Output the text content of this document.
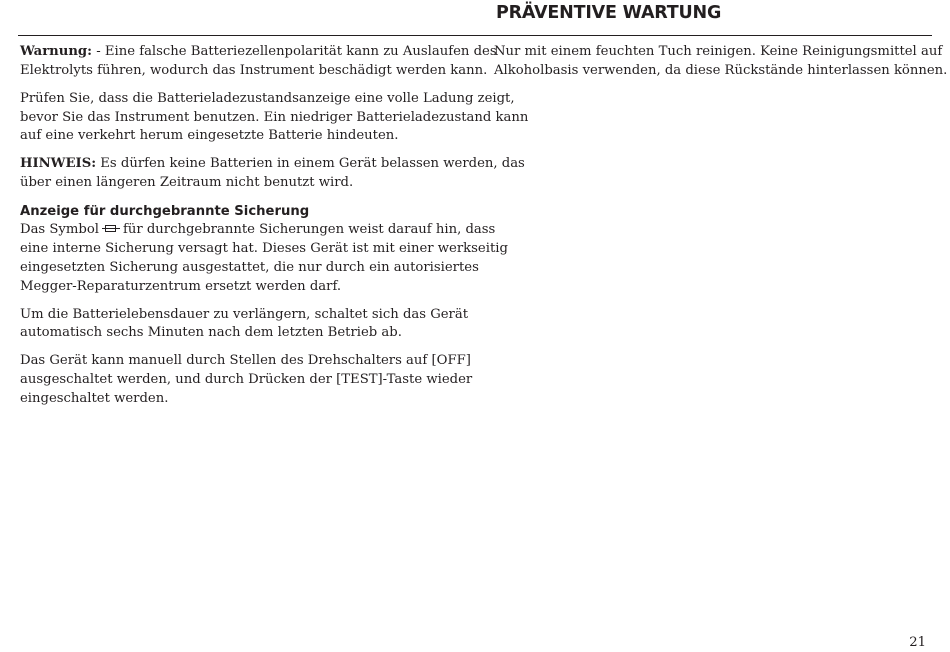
PRÄVENTIVE WARTUNG

Warnung: - Eine falsche Batteriezellenpolarität kann zu Auslaufen des
Elektrolyts führen, wodurch das Instrument beschädigt werden kann.

Prüfen Sie, dass die Batterieladezustandsanzeige eine volle Ladung zeigt,
bevor Sie das Instrument benutzen. Ein niedriger Batterieladezustand kann
auf eine verkehrt herum eingesetzte Batterie hindeuten.

HINWEIS: Es dürfen keine Batterien in einem Gerät belassen werden, das
über einen längeren Zeitraum nicht benutzt wird.

Anzeige für durchgebrannte Sicherung

Das Symbol für durchgebrannte Sicherungen weist darauf hin, dass
eine interne Sicherung versagt hat. Dieses Gerät ist mit einer werkseitig
eingesetzten Sicherung ausgestattet, die nur durch ein autorisiertes
Megger-Reparaturzentrum ersetzt werden darf.

Um die Batterielebensdauer zu verlängern, schaltet sich das Gerät
automatisch sechs Minuten nach dem letzten Betrieb ab.

Das Gerät kann manuell durch Stellen des Drehschalters auf [OFF]
ausgeschaltet werden, und durch Drücken der [TEST]-Taste wieder
eingeschaltet werden.

Nur mit einem feuchten Tuch reinigen. Keine Reinigungsmittel auf
Alkoholbasis verwenden, da diese Rückstände hinterlassen können.

21
